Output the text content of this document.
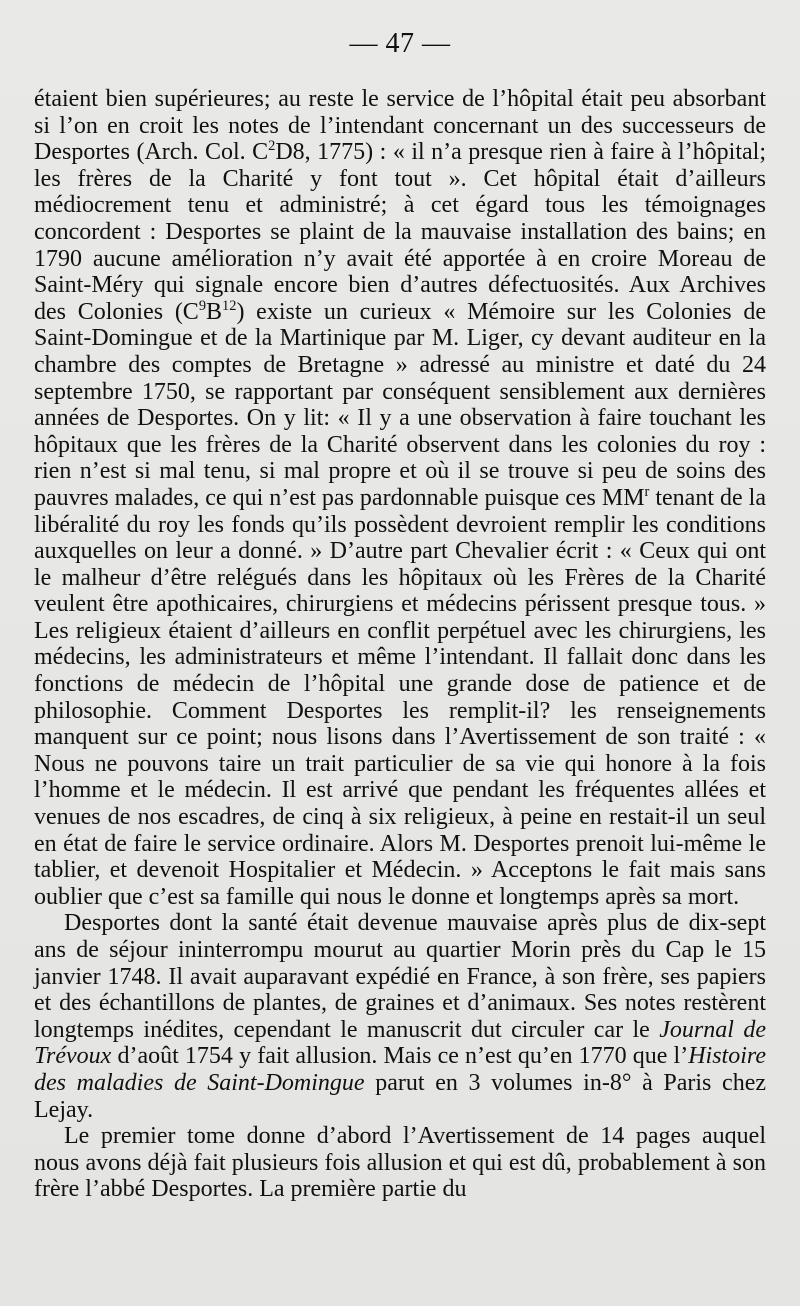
— 47 —

étaient bien supérieures; au reste le service de l’hôpital était peu absorbant si l’on en croit les notes de l’intendant concernant un des successeurs de Desportes (Arch. Col. $C^2D8$, 1775) : « il n’a presque rien à faire à l’hôpital; les frères de la Charité y font tout ». Cet hôpital était d’ailleurs médiocrement tenu et administré; à cet égard tous les témoignages concordent : Desportes se plaint de la mauvaise installation des bains; en 1790 aucune amélioration n’y avait été apportée à en croire Moreau de Saint-Méry qui signale encore bien d’autres défectuosités. Aux Archives des Colonies $(C^9B^{12})$ existe un curieux « Mémoire sur les Colonies de Saint-Domingue et de la Martinique par M. Liger, cy devant auditeur en la chambre des comptes de Bretagne » adressé au ministre et daté du 24 septembre 1750, se rapportant par conséquent sensiblement aux dernières années de Desportes. On y lit: « Il y a une observation à faire touchant les hôpitaux que les frères de la Charité observent dans les colonies du roy : rien n’est si mal tenu, si mal propre et où il se trouve si peu de soins des pauvres malades, ce qui n’est pas pardonnable puisque ces $MM^r$ tenant de la libéralité du roy les fonds qu’ils possèdent devroient remplir les conditions auxquelles on leur a donné. » D’autre part Chevalier écrit : « Ceux qui ont le malheur d’être relégués dans les hôpitaux où les Frères de la Charité veulent être apothicaires, chirurgiens et médecins périssent presque tous. » Les religieux étaient d’ailleurs en conflit perpétuel avec les chirurgiens, les médecins, les administrateurs et même l’intendant. Il fallait donc dans les fonctions de médecin de l’hôpital une grande dose de patience et de philosophie. Comment Desportes les remplit-il? les renseignements manquent sur ce point; nous lisons dans l’Avertissement de son traité : « Nous ne pouvons taire un trait particulier de sa vie qui honore à la fois l’homme et le médecin. Il est arrivé que pendant les fréquentes allées et venues de nos escadres, de cinq à six religieux, à peine en restait-il un seul en état de faire le service ordinaire. Alors M. Desportes prenoit lui-même le tablier, et devenoit Hospitalier et Médecin. » Acceptons le fait mais sans oublier que c’est sa famille qui nous le donne et longtemps après sa mort.

Desportes dont la santé était devenue mauvaise après plus de dix-sept ans de séjour ininterrompu mourut au quartier Morin près du Cap le 15 janvier 1748. Il avait auparavant expédié en France, à son frère, ses papiers et des échantillons de plantes, de graines et d’animaux. Ses notes restèrent longtemps inédites, cependant le manuscrit dut circuler car le Journal de Trévoux d’août 1754 y fait allusion. Mais ce n’est qu’en 1770 que l’Histoire des maladies de Saint-Domingue parut en 3 volumes in-8° à Paris chez Lejay.

Le premier tome donne d’abord l’Avertissement de 14 pages auquel nous avons déjà fait plusieurs fois allusion et qui est dû, probablement à son frère l’abbé Desportes. La première partie du
